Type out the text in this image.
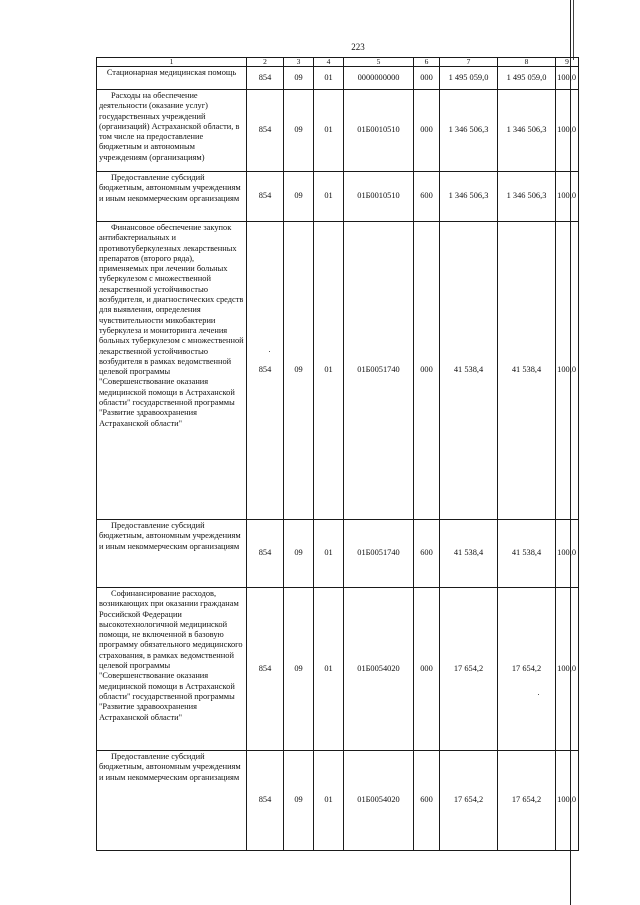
223
1	2	3	4	5	6	7	8	9
Стационарная медицинская помощь	854	09	01	0000000000	000	1 495 059,0	1 495 059,0	100,0
Расходы на обеспечение деятельности (оказание услуг) государственных учреждений (организаций) Астраханской области, в том числе на предоставление бюджетным и автономным учреждениям (организациям)	854	09	01	01Б0010510	000	1 346 506,3	1 346 506,3	100,0
Предоставление субсидий бюджетным, автономным учреждениям и иным некоммерческим организациям	854	09	01	01Б0010510	600	1 346 506,3	1 346 506,3	100,0
Финансовое обеспечение закупок антибактериальных и противотуберкулезных лекарственных препаратов (второго ряда), применяемых при лечении больных туберкулезом с множественной лекарственной устойчивостью возбудителя, и диагностических средств для выявления, определения чувствительности микобактерии туберкулеза и мониторинга лечения больных туберкулезом с множественной лекарственной устойчивостью возбудителя в рамках ведомственной целевой программы "Совершенствование оказания медицинской помощи в Астраханской области" государственной программы "Развитие здравоохранения Астраханской области"	854	09	01	01Б0051740	000	41 538,4	41 538,4	100,0
Предоставление субсидий бюджетным, автономным учреждениям и иным некоммерческим организациям	854	09	01	01Б0051740	600	41 538,4	41 538,4	100,0
Софинансирование расходов, возникающих при оказании гражданам Российской Федерации высокотехнологичной медицинской помощи, не включенной в базовую программу обязательного медицинского страхования, в рамках ведомственной целевой программы "Совершенствование оказания медицинской помощи в Астраханской области" государственной программы "Развитие здравоохранения Астраханской области"	854	09	01	01Б0054020	000	17 654,2	17 654,2	100,0
Предоставление субсидий бюджетным, автономным учреждениям и иным некоммерческим организациям	854	09	01	01Б0054020	600	17 654,2	17 654,2	100,0
